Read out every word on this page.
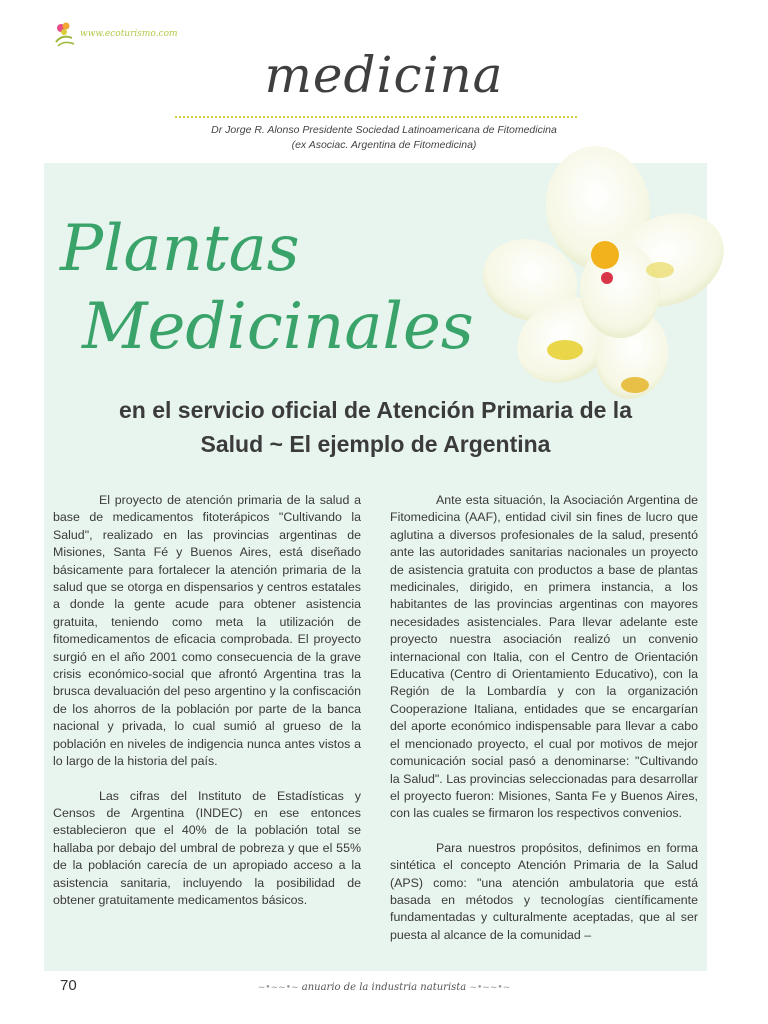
www.ecoturismo.com
medicina
Dr Jorge R. Alonso Presidente Sociedad Latinoamericana de Fitomedicina
(ex Asociac. Argentina de Fitomedicina)
Plantas
Medicinales
en el servicio oficial de Atención Primaria de la
Salud ~ El ejemplo de Argentina

El proyecto de atención primaria de la salud a base de medicamentos fitoterápicos "Cultivando la Salud", realizado en las provincias argentinas de Misiones, Santa Fé y Buenos Aires, está diseñado básicamente para fortalecer la atención primaria de la salud que se otorga en dispensarios y centros estatales a donde la gente acude para obtener asistencia gratuita, teniendo como meta la utilización de fitomedicamentos de eficacia comprobada. El proyecto surgió en el año 2001 como consecuencia de la grave crisis económico-social que afrontó Argentina tras la brusca devaluación del peso argentino y la confiscación de los ahorros de la población por parte de la banca nacional y privada, lo cual sumió al grueso de la población en niveles de indigencia nunca antes vistos a lo largo de la historia del país.

Las cifras del Instituto de Estadísticas y Censos de Argentina (INDEC) en ese entonces establecieron que el 40% de la población total se hallaba por debajo del umbral de pobreza y que el 55% de la población carecía de un apropiado acceso a la asistencia sanitaria, incluyendo la posibilidad de obtener gratuitamente medicamentos básicos.

Ante esta situación, la Asociación Argentina de Fitomedicina (AAF), entidad civil sin fines de lucro que aglutina a diversos profesionales de la salud, presentó ante las autoridades sanitarias nacionales un proyecto de asistencia gratuita con productos a base de plantas medicinales, dirigido, en primera instancia, a los habitantes de las provincias argentinas con mayores necesidades asistenciales. Para llevar adelante este proyecto nuestra asociación realizó un convenio internacional con Italia, con el Centro de Orientación Educativa (Centro di Orientamiento Educativo), con la Región de la Lombardía y con la organización Cooperazione Italiana, entidades que se encargarían del aporte económico indispensable para llevar a cabo el mencionado proyecto, el cual por motivos de mejor comunicación social pasó a denominarse: "Cultivando la Salud". Las provincias seleccionadas para desarrollar el proyecto fueron: Misiones, Santa Fe y Buenos Aires, con las cuales se firmaron los respectivos convenios.

Para nuestros propósitos, definimos en forma sintética el concepto Atención Primaria de la Salud (APS) como: "una atención ambulatoria que está basada en métodos y tecnologías científicamente fundamentadas y culturalmente aceptadas, que al ser puesta al alcance de la comunidad –

70	~•~~•~ anuario de la industria naturista ~•~~•~
